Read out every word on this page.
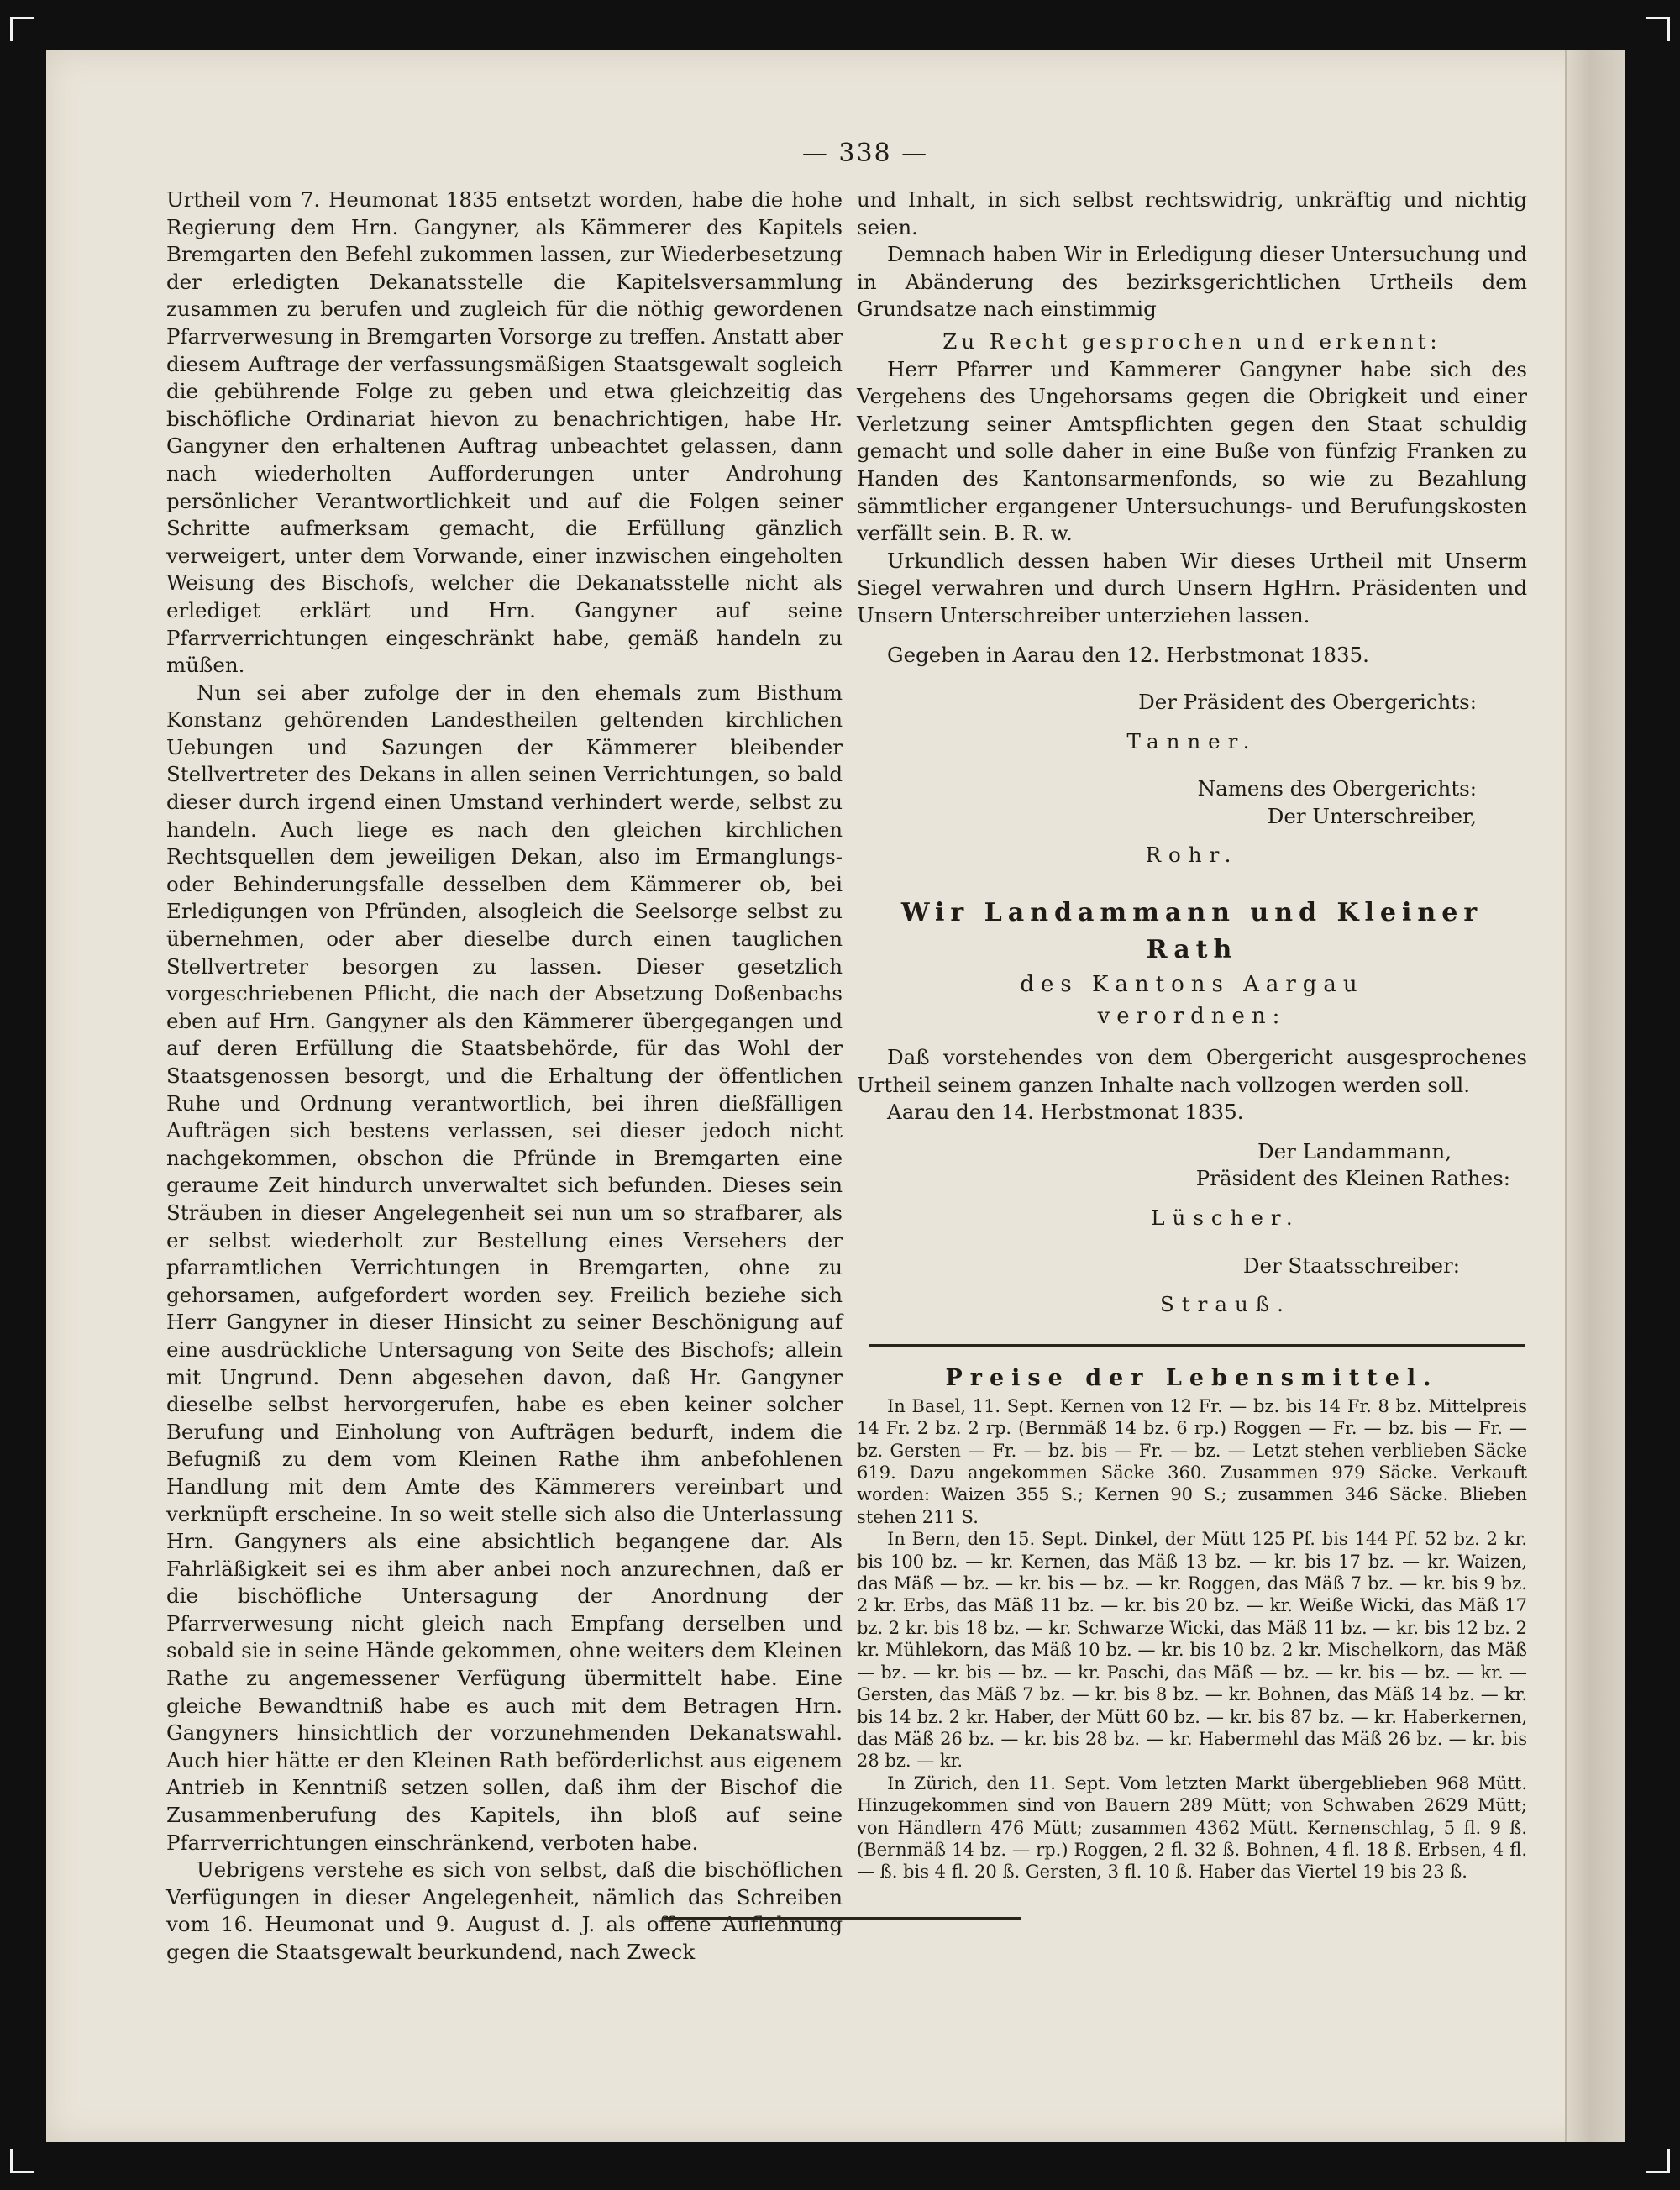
— 338 —

Urtheil vom 7. Heumonat 1835 entsetzt worden, habe die hohe Regierung dem Hrn. Gangyner, als Kämmerer des Kapitels Bremgarten den Befehl zukommen lassen, zur Wiederbesetzung der erledigten Dekanatsstelle die Kapitelsversammlung zusammen zu berufen und zugleich für die nöthig gewordenen Pfarrverwesung in Bremgarten Vorsorge zu treffen. Anstatt aber diesem Auftrage der verfassungsmäßigen Staatsgewalt sogleich die gebührende Folge zu geben und etwa gleichzeitig das bischöfliche Ordinariat hievon zu benachrichtigen, habe Hr. Gangyner den erhaltenen Auftrag unbeachtet gelassen, dann nach wiederholten Aufforderungen unter Androhung persönlicher Verantwortlichkeit und auf die Folgen seiner Schritte aufmerksam gemacht, die Erfüllung gänzlich verweigert, unter dem Vorwande, einer inzwischen eingeholten Weisung des Bischofs, welcher die Dekanatsstelle nicht als erlediget erklärt und Hrn. Gangyner auf seine Pfarrverrichtungen eingeschränkt habe, gemäß handeln zu müßen.

Nun sei aber zufolge der in den ehemals zum Bisthum Konstanz gehörenden Landestheilen geltenden kirchlichen Uebungen und Sazungen der Kämmerer bleibender Stellvertreter des Dekans in allen seinen Verrichtungen, so bald dieser durch irgend einen Umstand verhindert werde, selbst zu handeln. Auch liege es nach den gleichen kirchlichen Rechtsquellen dem jeweiligen Dekan, also im Ermanglungs- oder Behinderungsfalle desselben dem Kämmerer ob, bei Erledigungen von Pfründen, alsogleich die Seelsorge selbst zu übernehmen, oder aber dieselbe durch einen tauglichen Stellvertreter besorgen zu lassen. Dieser gesetzlich vorgeschriebenen Pflicht, die nach der Absetzung Doßenbachs eben auf Hrn. Gangyner als den Kämmerer übergegangen und auf deren Erfüllung die Staatsbehörde, für das Wohl der Staatsgenossen besorgt, und die Erhaltung der öffentlichen Ruhe und Ordnung verantwortlich, bei ihren dießfälligen Aufträgen sich bestens verlassen, sei dieser jedoch nicht nachgekommen, obschon die Pfründe in Bremgarten eine geraume Zeit hindurch unverwaltet sich befunden. Dieses sein Sträuben in dieser Angelegenheit sei nun um so strafbarer, als er selbst wiederholt zur Bestellung eines Versehers der pfarramtlichen Verrichtungen in Bremgarten, ohne zu gehorsamen, aufgefordert worden sey. Freilich beziehe sich Herr Gangyner in dieser Hinsicht zu seiner Beschönigung auf eine ausdrückliche Untersagung von Seite des Bischofs; allein mit Ungrund. Denn abgesehen davon, daß Hr. Gangyner dieselbe selbst hervorgerufen, habe es eben keiner solcher Berufung und Einholung von Aufträgen bedurft, indem die Befugniß zu dem vom Kleinen Rathe ihm anbefohlenen Handlung mit dem Amte des Kämmerers vereinbart und verknüpft erscheine. In so weit stelle sich also die Unterlassung Hrn. Gangyners als eine absichtlich begangene dar. Als Fahrläßigkeit sei es ihm aber anbei noch anzurechnen, daß er die bischöfliche Untersagung der Anordnung der Pfarrverwesung nicht gleich nach Empfang derselben und sobald sie in seine Hände gekommen, ohne weiters dem Kleinen Rathe zu angemessener Verfügung übermittelt habe. Eine gleiche Bewandtniß habe es auch mit dem Betragen Hrn. Gangyners hinsichtlich der vorzunehmenden Dekanatswahl. Auch hier hätte er den Kleinen Rath beförderlichst aus eigenem Antrieb in Kenntniß setzen sollen, daß ihm der Bischof die Zusammenberufung des Kapitels, ihn bloß auf seine Pfarrverrichtungen einschränkend, verboten habe.

Uebrigens verstehe es sich von selbst, daß die bischöflichen Verfügungen in dieser Angelegenheit, nämlich das Schreiben vom 16. Heumonat und 9. August d. J. als offene Auflehnung gegen die Staatsgewalt beurkundend, nach Zweck

und Inhalt, in sich selbst rechtswidrig, unkräftig und nichtig seien.

Demnach haben Wir in Erledigung dieser Untersuchung und in Abänderung des bezirksgerichtlichen Urtheils dem Grundsatze nach einstimmig

Zu Recht gesprochen und erkennt:

Herr Pfarrer und Kammerer Gangyner habe sich des Vergehens des Ungehorsams gegen die Obrigkeit und einer Verletzung seiner Amtspflichten gegen den Staat schuldig gemacht und solle daher in eine Buße von fünfzig Franken zu Handen des Kantonsarmenfonds, so wie zu Bezahlung sämmtlicher ergangener Untersuchungs- und Berufungskosten verfällt sein. B. R. w.

Urkundlich dessen haben Wir dieses Urtheil mit Unserm Siegel verwahren und durch Unsern HgHrn. Präsidenten und Unsern Unterschreiber unterziehen lassen.

Gegeben in Aarau den 12. Herbstmonat 1835.

Der Präsident des Obergerichts:

Tanner.

Namens des Obergerichts:

Der Unterschreiber,

Rohr.

Wir Landammann und Kleiner Rath

des Kantons Aargau

verordnen:

Daß vorstehendes von dem Obergericht ausgesprochenes Urtheil seinem ganzen Inhalte nach vollzogen werden soll.

Aarau den 14. Herbstmonat 1835.

Der Landammann,

Präsident des Kleinen Rathes:

Lüscher.

Der Staatsschreiber:

Strauß.

Preise der Lebensmittel.

In Basel, 11. Sept. Kernen von 12 Fr. — bz. bis 14 Fr. 8 bz. Mittelpreis 14 Fr. 2 bz. 2 rp. (Bernmäß 14 bz. 6 rp.) Roggen — Fr. — bz. bis — Fr. — bz. Gersten — Fr. — bz. bis — Fr. — bz. — Letzt stehen verblieben Säcke 619. Dazu angekommen Säcke 360. Zusammen 979 Säcke. Verkauft worden: Waizen 355 S.; Kernen 90 S.; zusammen 346 Säcke. Blieben stehen 211 S.

In Bern, den 15. Sept. Dinkel, der Mütt 125 Pf. bis 144 Pf. 52 bz. 2 kr. bis 100 bz. — kr. Kernen, das Mäß 13 bz. — kr. bis 17 bz. — kr. Waizen, das Mäß — bz. — kr. bis — bz. — kr. Roggen, das Mäß 7 bz. — kr. bis 9 bz. 2 kr. Erbs, das Mäß 11 bz. — kr. bis 20 bz. — kr. Weiße Wicki, das Mäß 17 bz. 2 kr. bis 18 bz. — kr. Schwarze Wicki, das Mäß 11 bz. — kr. bis 12 bz. 2 kr. Mühlekorn, das Mäß 10 bz. — kr. bis 10 bz. 2 kr. Mischelkorn, das Mäß — bz. — kr. bis — bz. — kr. Paschi, das Mäß — bz. — kr. bis — bz. — kr. — Gersten, das Mäß 7 bz. — kr. bis 8 bz. — kr. Bohnen, das Mäß 14 bz. — kr. bis 14 bz. 2 kr. Haber, der Mütt 60 bz. — kr. bis 87 bz. — kr. Haberkernen, das Mäß 26 bz. — kr. bis 28 bz. — kr. Habermehl das Mäß 26 bz. — kr. bis 28 bz. — kr.

In Zürich, den 11. Sept. Vom letzten Markt übergeblieben 968 Mütt. Hinzugekommen sind von Bauern 289 Mütt; von Schwaben 2629 Mütt; von Händlern 476 Mütt; zusammen 4362 Mütt. Kernenschlag, 5 fl. 9 ß. (Bernmäß 14 bz. — rp.) Roggen, 2 fl. 32 ß. Bohnen, 4 fl. 18 ß. Erbsen, 4 fl. — ß. bis 4 fl. 20 ß. Gersten, 3 fl. 10 ß. Haber das Viertel 19 bis 23 ß.
